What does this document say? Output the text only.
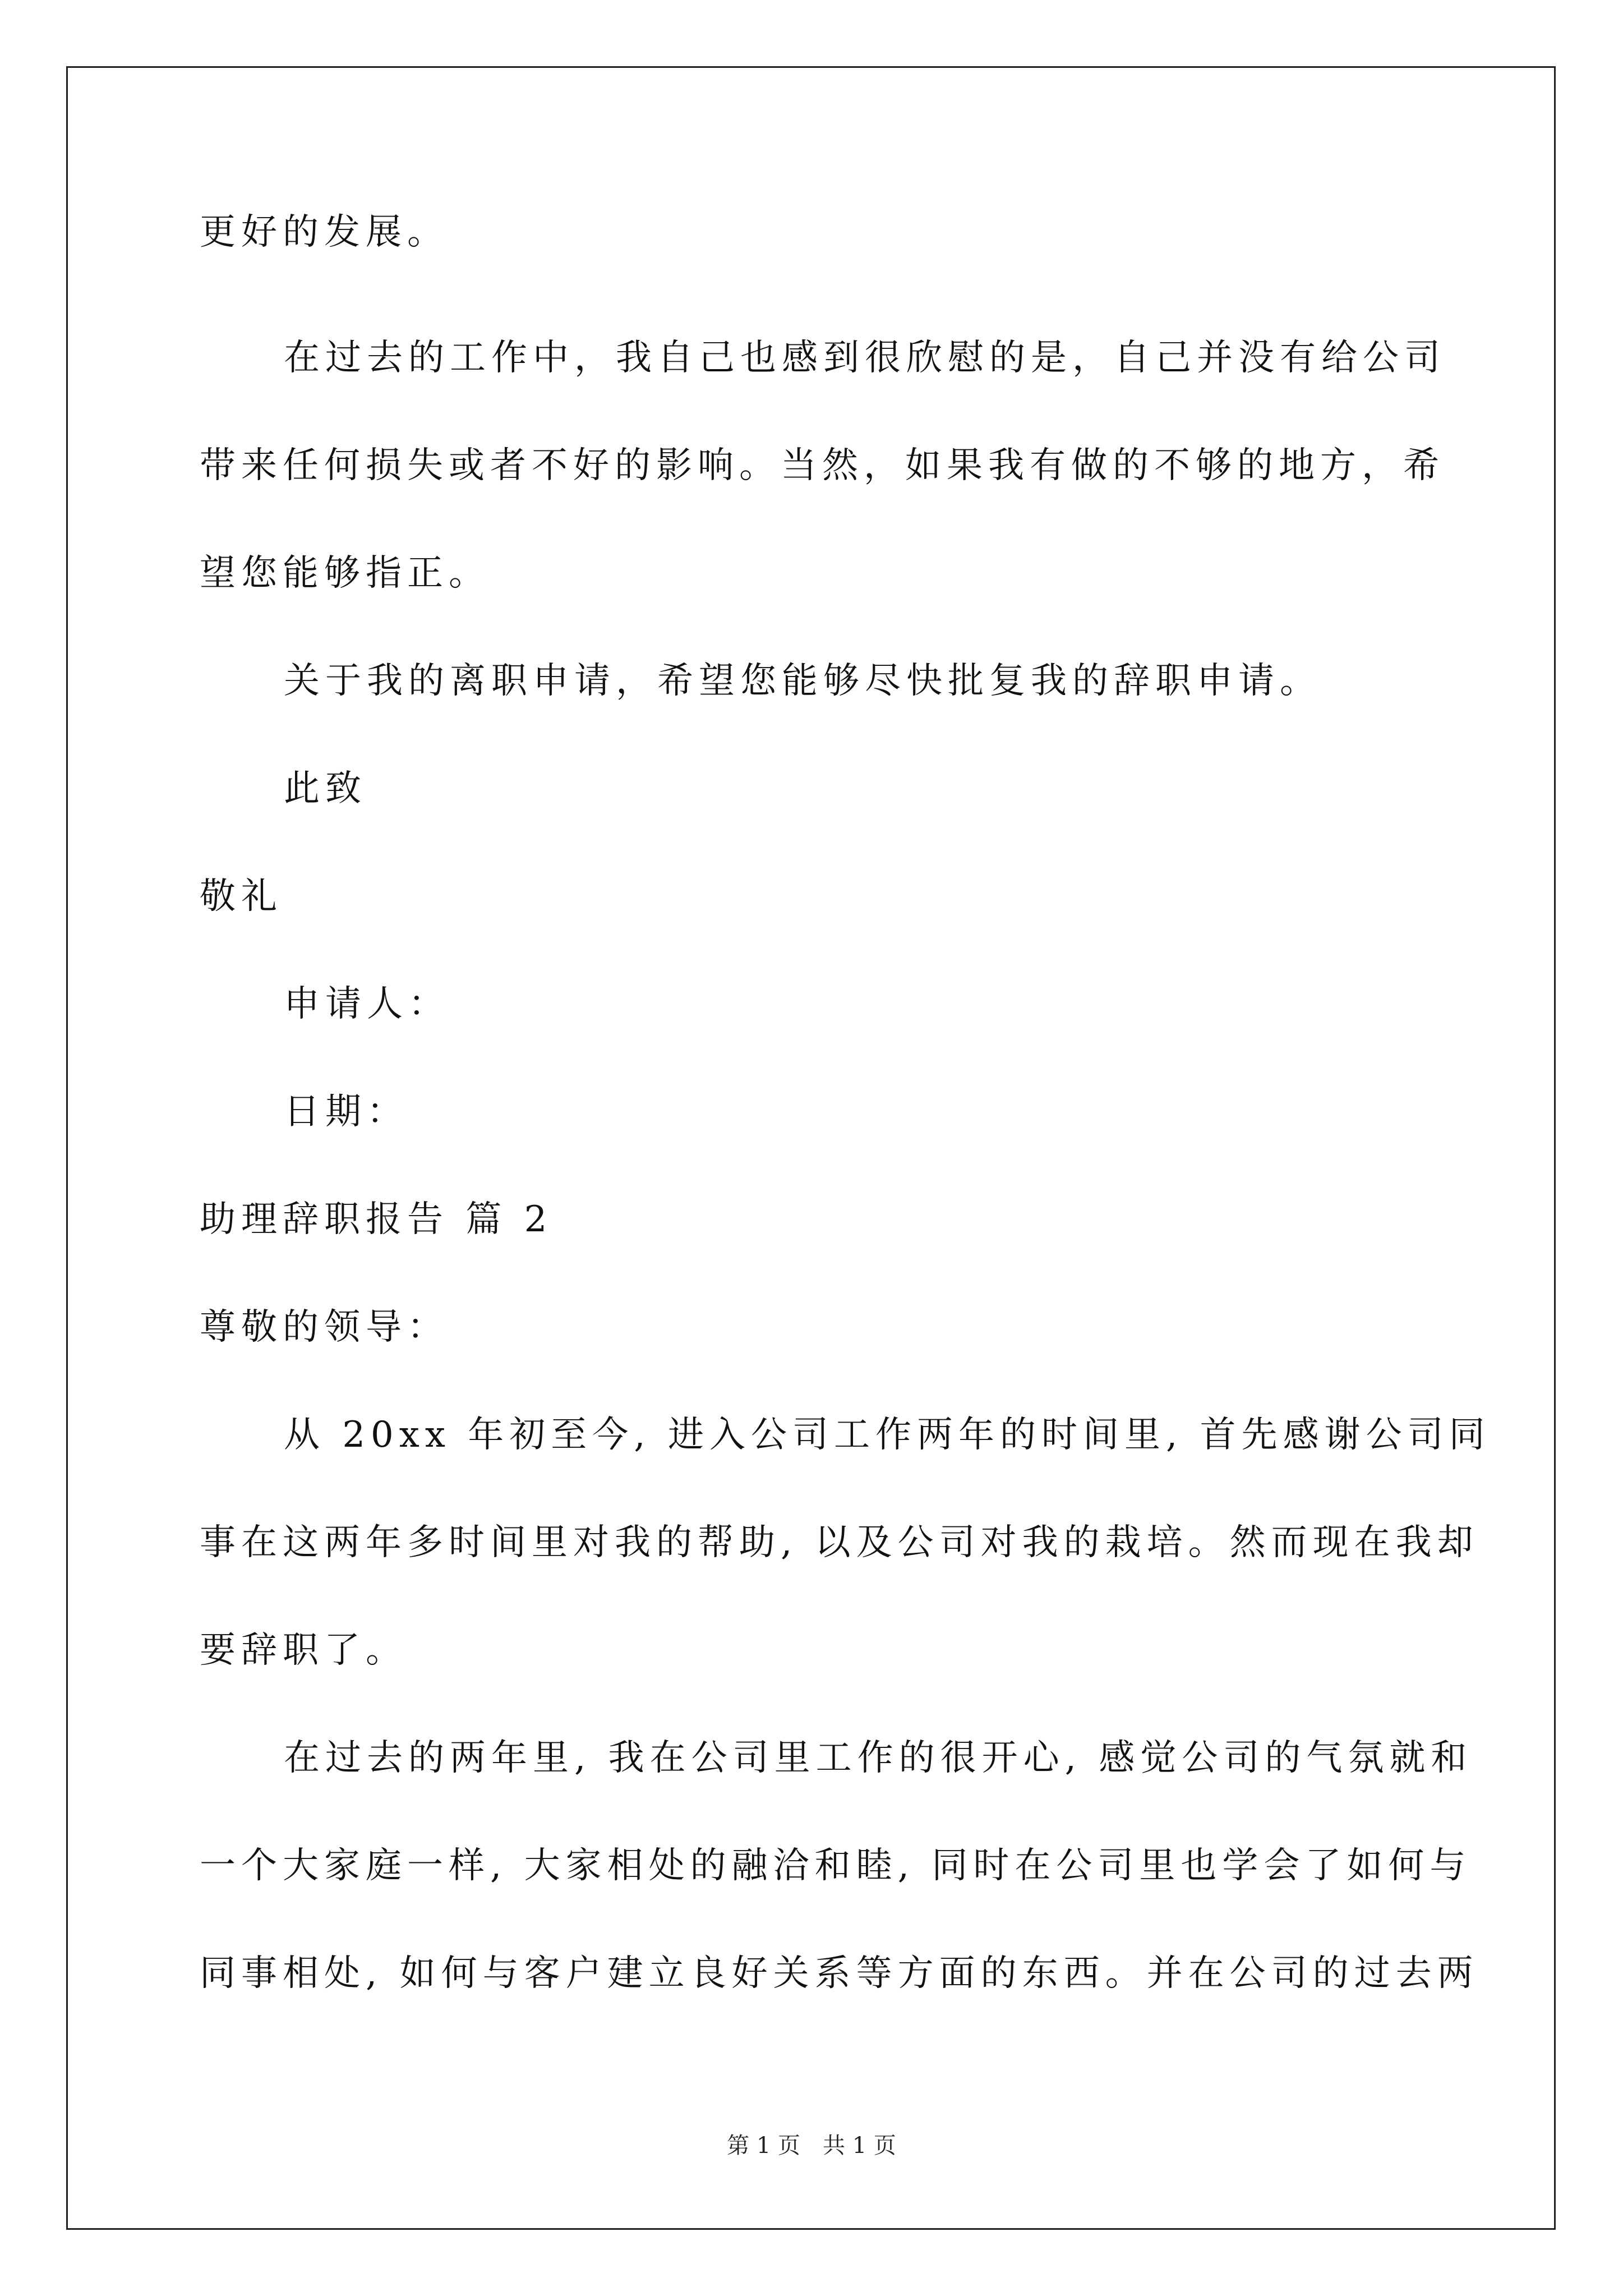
更好的发展。
在过去的工作中，我自己也感到很欣慰的是，自己并没有给公司
带来任何损失或者不好的影响。当然，如果我有做的不够的地方，希
望您能够指正。
关于我的离职申请，希望您能够尽快批复我的辞职申请。
此致
敬礼
申请人：
日期：
助理辞职报告 篇 2
尊敬的领导：
从 20xx 年初至今, 进入公司工作两年的时间里, 首先感谢公司同
事在这两年多时间里对我的帮助, 以及公司对我的栽培。然而现在我却
要辞职了。
在过去的两年里, 我在公司里工作的很开心, 感觉公司的气氛就和
一个大家庭一样, 大家相处的融洽和睦, 同时在公司里也学会了如何与
同事相处, 如何与客户建立良好关系等方面的东西。并在公司的过去两
第 1 页　共 1 页
